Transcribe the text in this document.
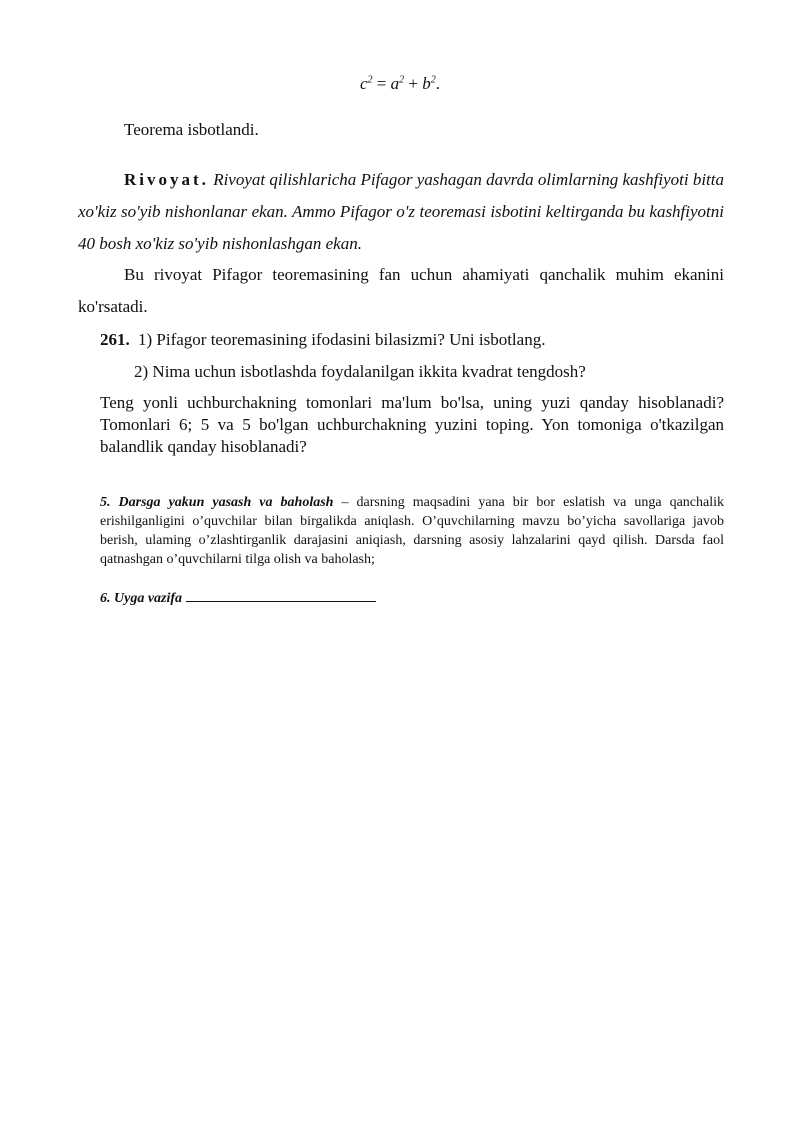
$c^2 = a^2 + b^2$.
Teorema isbotlandi.
Rivoyat. Rivoyat qilishlaricha Pifagor yashagan davrda olimlarning kashfiyoti bitta xo'kiz so'yib nishonlanar ekan. Ammo Pifagor o'z teoremasi isbotini keltirganda bu kashfiyotni 40 bosh xo'kiz so'yib nishonlashgan ekan.
Bu rivoyat Pifagor teoremasining fan uchun ahamiyati qanchalik muhim ekanini ko'rsatadi.
261. 1) Pifagor teoremasining ifodasini bilasizmi? Uni isbotlang.
2) Nima uchun isbotlashda foydalanilgan ikkita kvadrat tengdosh?
Teng yonli uchburchakning tomonlari ma'lum bo'lsa, uning yuzi qanday hisoblanadi? Tomonlari 6; 5 va 5 bo'lgan uchburchakning yuzini toping. Yon tomoniga o'tkazilgan balandlik qanday hisoblanadi?
5. Darsga yakun yasash va baholash – darsning maqsadini yana bir bor eslatish va unga qanchalik erishilganligini o’quvchilar bilan birgalikda aniqlash. O’quvchilarning mavzu bo’yicha savollariga javob berish, ulaming o’zlashtirganlik darajasini aniqiash, darsning asosiy lahzalarini qayd qilish. Darsda faol qatnashgan o’quvchilarni tilga olish va baholash;
6. Uyga vazifa
